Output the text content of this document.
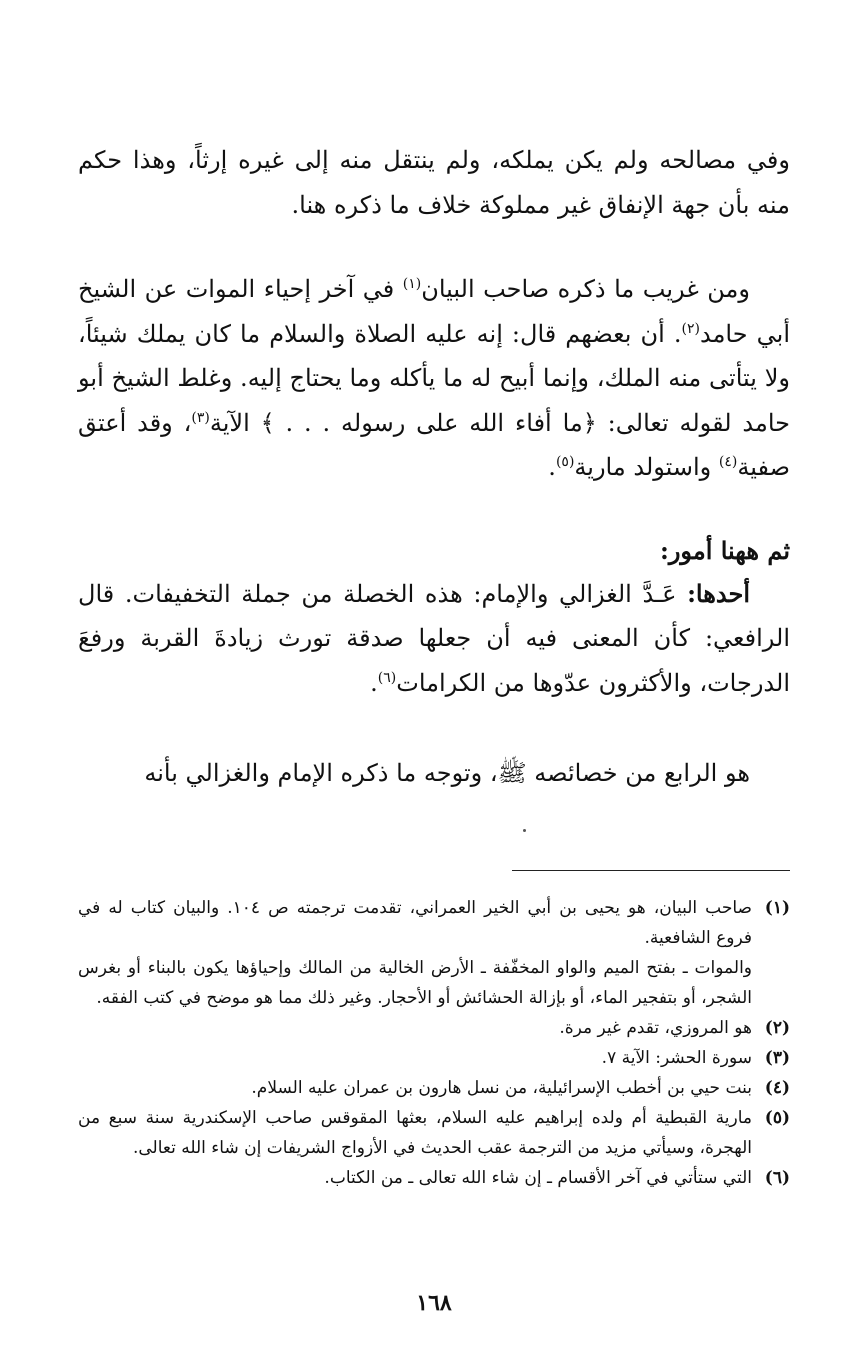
وفي مصالحه ولم يكن يملكه، ولم ينتقل منه إلى غيره إرثاً، وهذا حكم منه بأن جهة الإنفاق غير مملوكة خلاف ما ذكره هنا.

ومن غريب ما ذكره صاحب البيان$^{(١)}$ في آخر إحياء الموات عن الشيخ أبي حامد$^{(٢)}$. أن بعضهم قال: إنه عليه الصلاة والسلام ما كان يملك شيئاً، ولا يتأتى منه الملك، وإنما أبيح له ما يأكله وما يحتاج إليه. وغلط الشيخ أبو حامد لقوله تعالى: ﴿ما أفاء الله على رسوله . . . ﴾ الآية$^{(٣)}$، وقد أعتق صفية$^{(٤)}$ واستولد مارية$^{(٥)}$.

ثم ههنا أمور:

أحدها: عَـدَّ الغزالي والإمام: هذه الخصلة من جملة التخفيفات. قال الرافعي: كأن المعنى فيه أن جعلها صدقة تورث زيادةَ القربة ورفعَ الدرجات، والأكثرون عدّوها من الكرامات$^{(٦)}$.

هو الرابع من خصائصه ﷺ، وتوجه ما ذكره الإمام والغزالي بأنه

(١)
صاحب البيان، هو يحيى بن أبي الخير العمراني، تقدمت ترجمته ص ١٠٤. والبيان كتاب له في فروع الشافعية.
والموات ـ بفتح الميم والواو المخفّفة ـ الأرض الخالية من المالك وإحياؤها يكون بالبناء أو بغرس الشجر، أو بتفجير الماء، أو بإزالة الحشائش أو الأحجار. وغير ذلك مما هو موضح في كتب الفقه.
(٢)
هو المروزي، تقدم غير مرة.
(٣)
سورة الحشر: الآية ٧.
(٤)
بنت حيي بن أخطب الإسرائيلية، من نسل هارون بن عمران عليه السلام.
(٥)
مارية القبطية أم ولده إبراهيم عليه السلام، بعثها المقوقس صاحب الإسكندرية سنة سبع من الهجرة، وسيأتي مزيد من الترجمة عقب الحديث في الأزواج الشريفات إن شاء الله تعالى.
(٦)
التي ستأتي في آخر الأقسام ـ إن شاء الله تعالى ـ من الكتاب.
١٦٨
